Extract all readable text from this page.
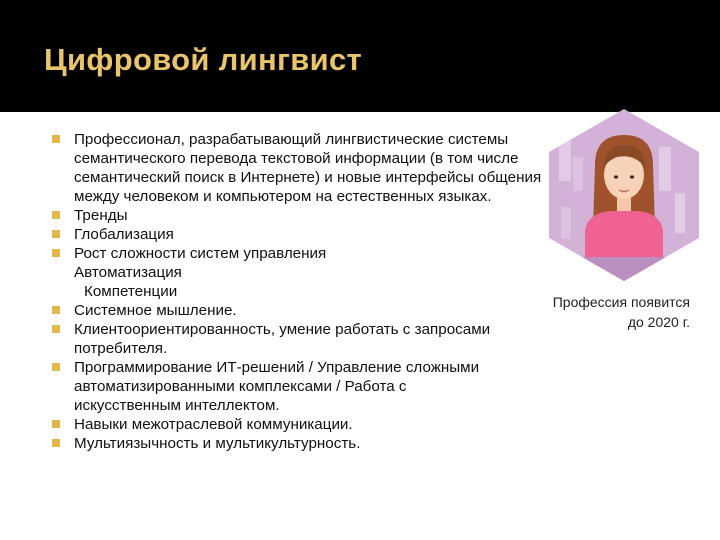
Цифровой лингвист
Профессионал, разрабатывающий лингвистические системы семантического перевода текстовой информации (в том числе семантический поиск в Интернете) и новые интерфейсы общения между человеком и компьютером на естественных языках.
Тренды
Глобализация
Рост сложности систем управления Автоматизация
Компетенции
Системное мышление.
Клиентоориентированность, умение работать с запросами потребителя.
Программирование ИТ-решений / Управление сложными автоматизированными комплексами / Работа с искусственным интеллектом.
Навыки межотраслевой коммуникации.
Мультиязычность и мультикультурность.
Профессия появится
до 2020 г.
